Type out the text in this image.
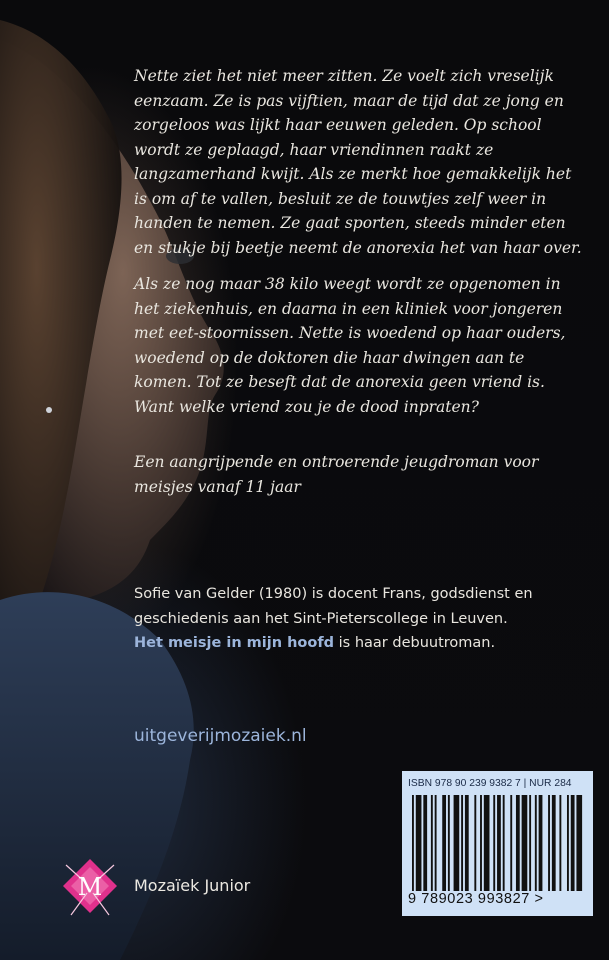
Nette ziet het niet meer zitten. Ze voelt zich vreselijk eenzaam. Ze is pas vijftien, maar de tijd dat ze jong en zorgeloos was lijkt haar eeuwen geleden. Op school wordt ze geplaagd, haar vriendinnen raakt ze langzamerhand kwijt. Als ze merkt hoe gemakkelijk het is om af te vallen, besluit ze de touwtjes zelf weer in handen te nemen. Ze gaat sporten, steeds minder eten en stukje bij beetje neemt de anorexia het van haar over.

Als ze nog maar 38 kilo weegt wordt ze opgenomen in het ziekenhuis, en daarna in een kliniek voor jongeren met eet-stoornissen. Nette is woedend op haar ouders, woedend op de doktoren die haar dwingen aan te komen. Tot ze beseft dat de anorexia geen vriend is. Want welke vriend zou je de dood inpraten?

Een aangrijpende en ontroerende jeugdroman voor meisjes vanaf 11 jaar

Sofie van Gelder (1980) is docent Frans, godsdienst en geschiedenis aan het Sint-Pieterscollege in Leuven.
Het meisje in mijn hoofd is haar debuutroman.

uitgeverijmozaiek.nl

ISBN 978 90 239 9382 7 | NUR 284

9 789023 993827 >

M Mozaïek Junior
